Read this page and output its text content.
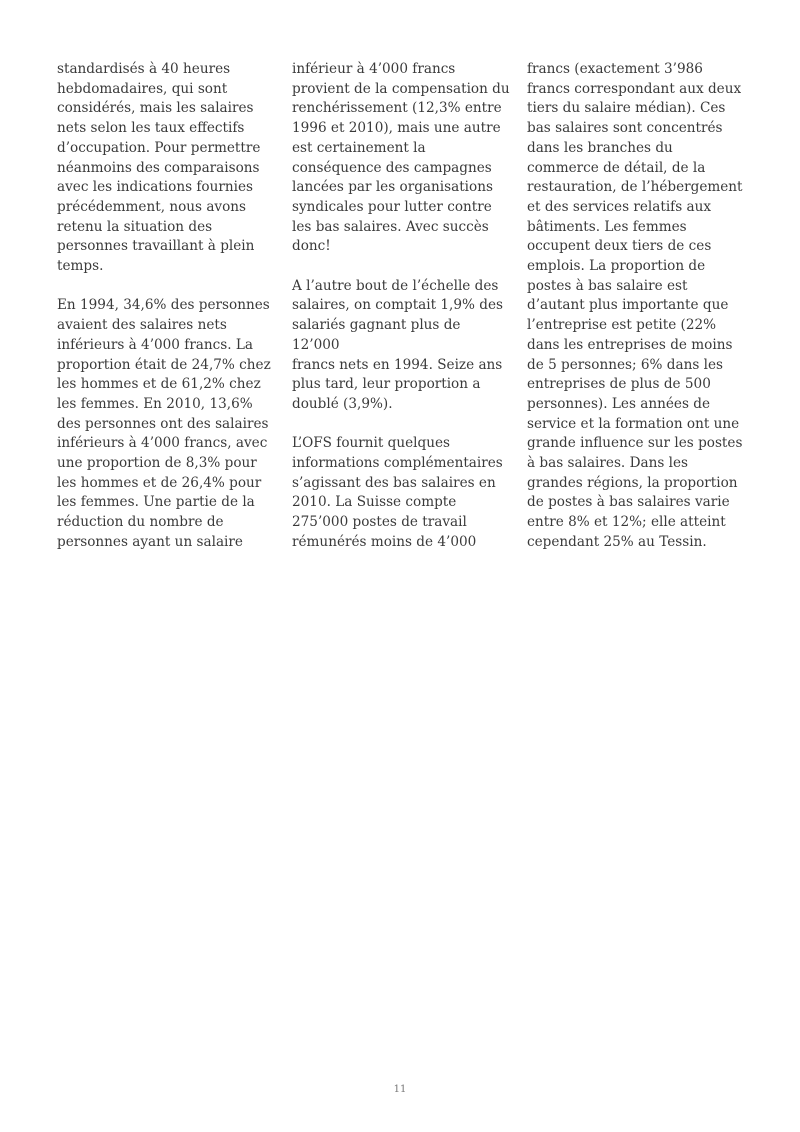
standardisés à 40 heures
hebdomadaires, qui sont
considérés, mais les salaires
nets selon les taux effectifs
d’occupation. Pour permettre
néanmoins des comparaisons
avec les indications fournies
précédemment, nous avons
retenu la situation des
personnes travaillant à plein
temps.

En 1994, 34,6% des personnes
avaient des salaires nets
inférieurs à 4’000 francs. La
proportion était de 24,7% chez
les hommes et de 61,2% chez
les femmes. En 2010, 13,6%
des personnes ont des salaires
inférieurs à 4’000 francs, avec
une proportion de 8,3% pour
les hommes et de 26,4% pour
les femmes. Une partie de la
réduction du nombre de
personnes ayant un salaire

inférieur à 4’000 francs
provient de la compensation du
renchérissement (12,3% entre
1996 et 2010), mais une autre
est certainement la
conséquence des campagnes
lancées par les organisations
syndicales pour lutter contre
les bas salaires. Avec succès
donc!

A l’autre bout de l’échelle des
salaires, on comptait 1,9% des
salariés gagnant plus de 12’000
francs nets en 1994. Seize ans
plus tard, leur proportion a
doublé (3,9%).

L’OFS fournit quelques
informations complémentaires
s’agissant des bas salaires en
2010. La Suisse compte
275’000 postes de travail
rémunérés moins de 4’000

francs (exactement 3’986
francs correspondant aux deux
tiers du salaire médian). Ces
bas salaires sont concentrés
dans les branches du
commerce de détail, de la
restauration, de l’hébergement
et des services relatifs aux
bâtiments. Les femmes
occupent deux tiers de ces
emplois. La proportion de
postes à bas salaire est
d’autant plus importante que
l’entreprise est petite (22%
dans les entreprises de moins
de 5 personnes; 6% dans les
entreprises de plus de 500
personnes). Les années de
service et la formation ont une
grande influence sur les postes
à bas salaires. Dans les
grandes régions, la proportion
de postes à bas salaires varie
entre 8% et 12%; elle atteint
cependant 25% au Tessin.

11
